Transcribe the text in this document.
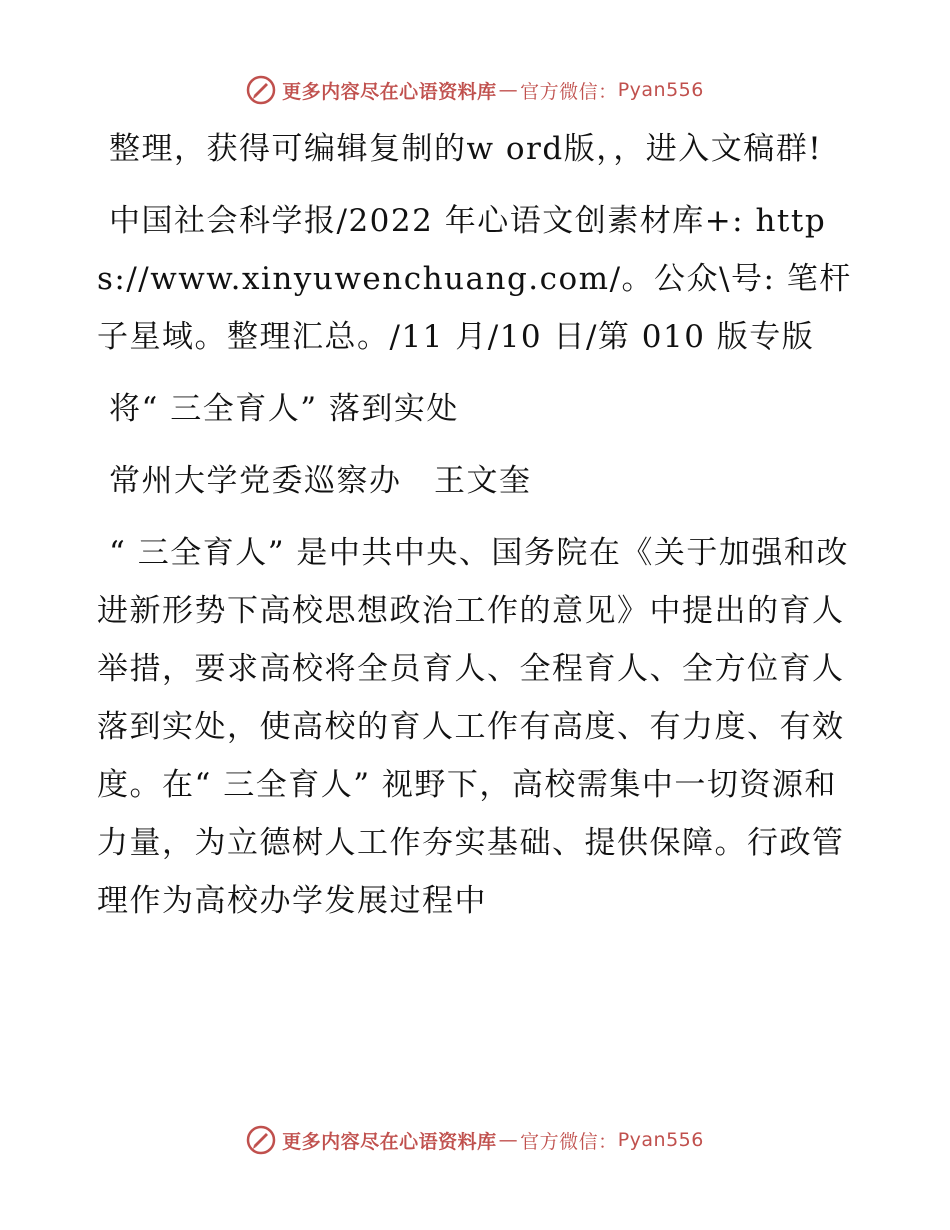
更多内容尽在心语资料库 — 官方微信： Pyan556

整理，获得可编辑复制的w ord版，，进入文稿群!

中国社会科学报/2022 年心语文创素材库+: https://www.xinyuwenchuang.com/。公众\号: 笔杆子星域。整理汇总。/11 月/10 日/第 010 版专版

将“ 三全育人” 落到实处

常州大学党委巡察办　王文奎

“ 三全育人” 是中共中央、国务院在《关于加强和改进新形势下高校思想政治工作的意见》中提出的育人举措，要求高校将全员育人、全程育人、全方位育人落到实处，使高校的育人工作有高度、有力度、有效度。在“ 三全育人” 视野下，高校需集中一切资源和力量，为立德树人工作夯实基础、提供保障。行政管理作为高校办学发展过程中

更多内容尽在心语资料库 — 官方微信： Pyan556
